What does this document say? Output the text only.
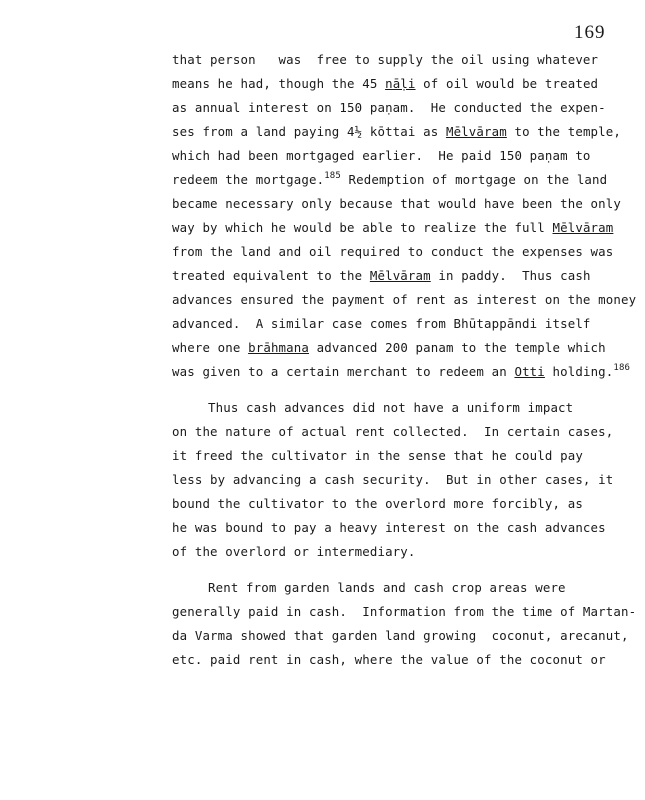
169
that person   was  free to supply the oil using whatever
means he had, though the 45 nāḷi of oil would be treated
as annual interest on 150 paṇam.  He conducted the expen-
ses from a land paying 4½ kōttai as Mēlvāram to the temple,
which had been mortgaged earlier.  He paid 150 paṇam to
redeem the mortgage.$^{185}$ Redemption of mortgage on the land
became necessary only because that would have been the only
way by which he would be able to realize the full Mēlvāram
from the land and oil required to conduct the expenses was
treated equivalent to the Mēlvāram in paddy.  Thus cash
advances ensured the payment of rent as interest on the money
advanced.  A similar case comes from Bhūtappāndi itself
where one brāhmana advanced 200 panam to the temple which
was given to a certain merchant to redeem an Otti holding.$^{186}$
Thus cash advances did not have a uniform impact
on the nature of actual rent collected.  In certain cases,
it freed the cultivator in the sense that he could pay
less by advancing a cash security.  But in other cases, it
bound the cultivator to the overlord more forcibly, as
he was bound to pay a heavy interest on the cash advances
of the overlord or intermediary.
Rent from garden lands and cash crop areas were
generally paid in cash.  Information from the time of Martan-
da Varma showed that garden land growing  coconut, arecanut,
etc. paid rent in cash, where the value of the coconut or
